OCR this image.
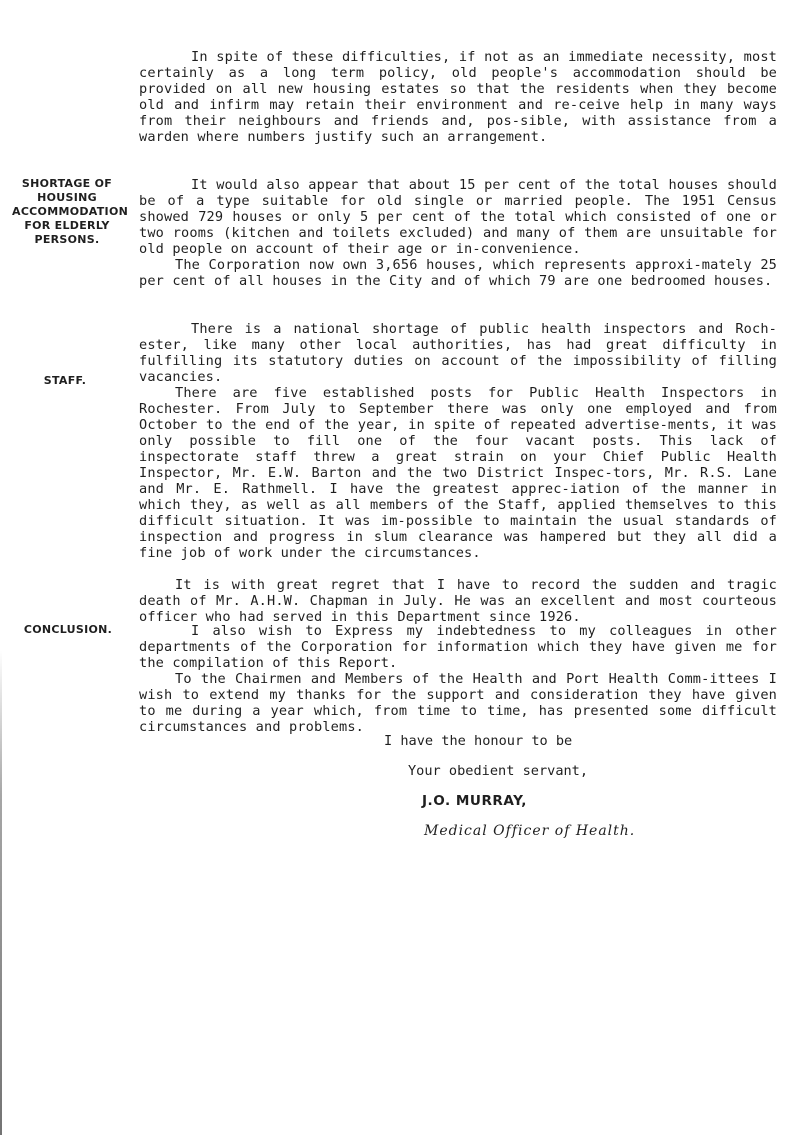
SHORTAGE OF
HOUSING
ACCOMMODATION
FOR ELDERLY
PERSONS.
STAFF.
CONCLUSION.

In spite of these difficulties, if not as an immediate necessity, most certainly as a long term policy, old people's accommodation should be provided on all new housing estates so that the residents when they become old and infirm may retain their environment and re-ceive help in many ways from their neighbours and friends and, pos-sible, with assistance from a warden where numbers justify such an arrangement.

It would also appear that about 15 per cent of the total houses should be of a type suitable for old single or married people. The 1951 Census showed 729 houses or only 5 per cent of the total which consisted of one or two rooms (kitchen and toilets excluded) and many of them are unsuitable for old people on account of their age or in-convenience.

The Corporation now own 3,656 houses, which represents approxi-mately 25 per cent of all houses in the City and of which 79 are one bedroomed houses.

There is a national shortage of public health inspectors and Roch-ester, like many other local authorities, has had great difficulty in fulfilling its statutory duties on account of the impossibility of filling vacancies.

There are five established posts for Public Health Inspectors in Rochester. From July to September there was only one employed and from October to the end of the year, in spite of repeated advertise-ments, it was only possible to fill one of the four vacant posts. This lack of inspectorate staff threw a great strain on your Chief Public Health Inspector, Mr. E.W. Barton and the two District Inspec-tors, Mr. R.S. Lane and Mr. E. Rathmell. I have the greatest apprec-iation of the manner in which they, as well as all members of the Staff, applied themselves to this difficult situation. It was im-possible to maintain the usual standards of inspection and progress in slum clearance was hampered but they all did a fine job of work under the circumstances.

It is with great regret that I have to record the sudden and tragic death of Mr. A.H.W. Chapman in July. He was an excellent and most courteous officer who had served in this Department since 1926.

I also wish to Express my indebtedness to my colleagues in other departments of the Corporation for information which they have given me for the compilation of this Report.

To the Chairmen and Members of the Health and Port Health Comm-ittees I wish to extend my thanks for the support and consideration they have given to me during a year which, from time to time, has presented some difficult circumstances and problems.

I have the honour to be
Your obedient servant,
J.O. MURRAY,
Medical Officer of Health.
